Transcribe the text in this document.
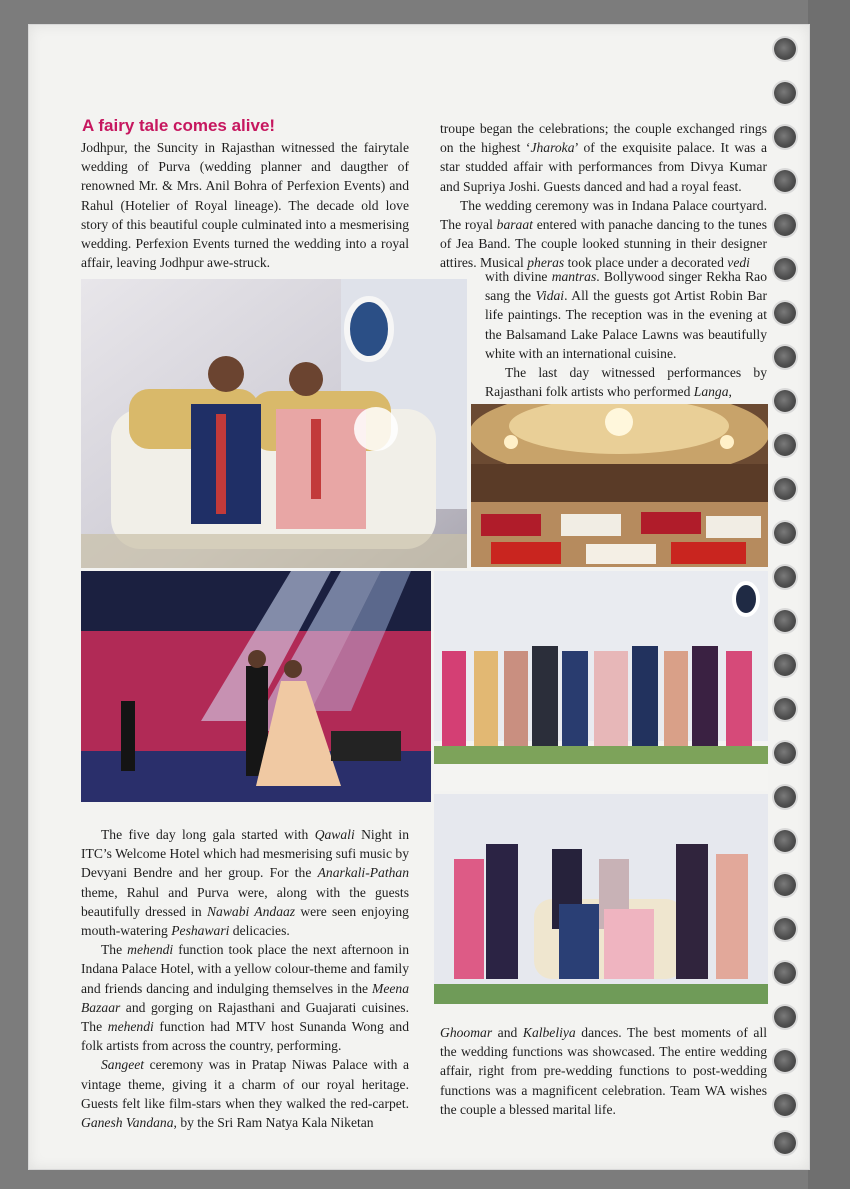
A fairy tale comes alive!

Jodhpur, the Suncity in Rajasthan witnessed the fairytale wedding of Purva (wedding planner and daugther of renowned Mr. & Mrs. Anil Bohra of Perfexion Events) and Rahul (Hotelier of Royal lineage). The decade old love story of this beautiful couple culminated into a mesmerising wedding. Perfexion Events turned the wedding into a royal affair, leaving Jodhpur awe-struck.

troupe began the celebrations; the couple exchanged rings on the highest ‘Jharoka’ of the exquisite palace. It was a star studded affair with performances from Divya Kumar and Supriya Joshi. Guests danced and had a royal feast.

The wedding ceremony was in Indana Palace courtyard. The royal baraat entered with panache dancing to the tunes of Jea Band. The couple looked stunning in their designer attires. Musical pheras took place under a decorated vedi

with divine mantras. Bollywood singer Rekha Rao sang the Vidai. All the guests got Artist Robin Bar life paintings. The reception was in the evening at the Balsamand Lake Palace Lawns was beautifully white with an international cuisine.

The last day witnessed performances by Rajasthani folk artists who performed Langa,

The five day long gala started with Qawali Night in ITC’s Welcome Hotel which had mesmerising sufi music by Devyani Bendre and her group. For the Anarkali-Pathan theme, Rahul and Purva were, along with the guests beautifully dressed in Nawabi Andaaz were seen enjoying mouth-watering Peshawari delicacies.

The mehendi function took place the next afternoon in Indana Palace Hotel, with a yellow colour-theme and family and friends dancing and indulging themselves in the Meena Bazaar and gorging on Rajasthani and Guajarati cuisines. The mehendi function had MTV host Sunanda Wong and folk artists from across the country, performing.

Sangeet ceremony was in Pratap Niwas Palace with a vintage theme, giving it a charm of our royal heritage. Guests felt like film-stars when they walked the red-carpet. Ganesh Vandana, by the Sri Ram Natya Kala Niketan

Ghoomar and Kalbeliya dances. The best moments of all the wedding functions was showcased. The entire wedding affair, right from pre-wedding functions to post-wedding functions was a magnificent celebration. Team WA wishes the couple a blessed marital life.
